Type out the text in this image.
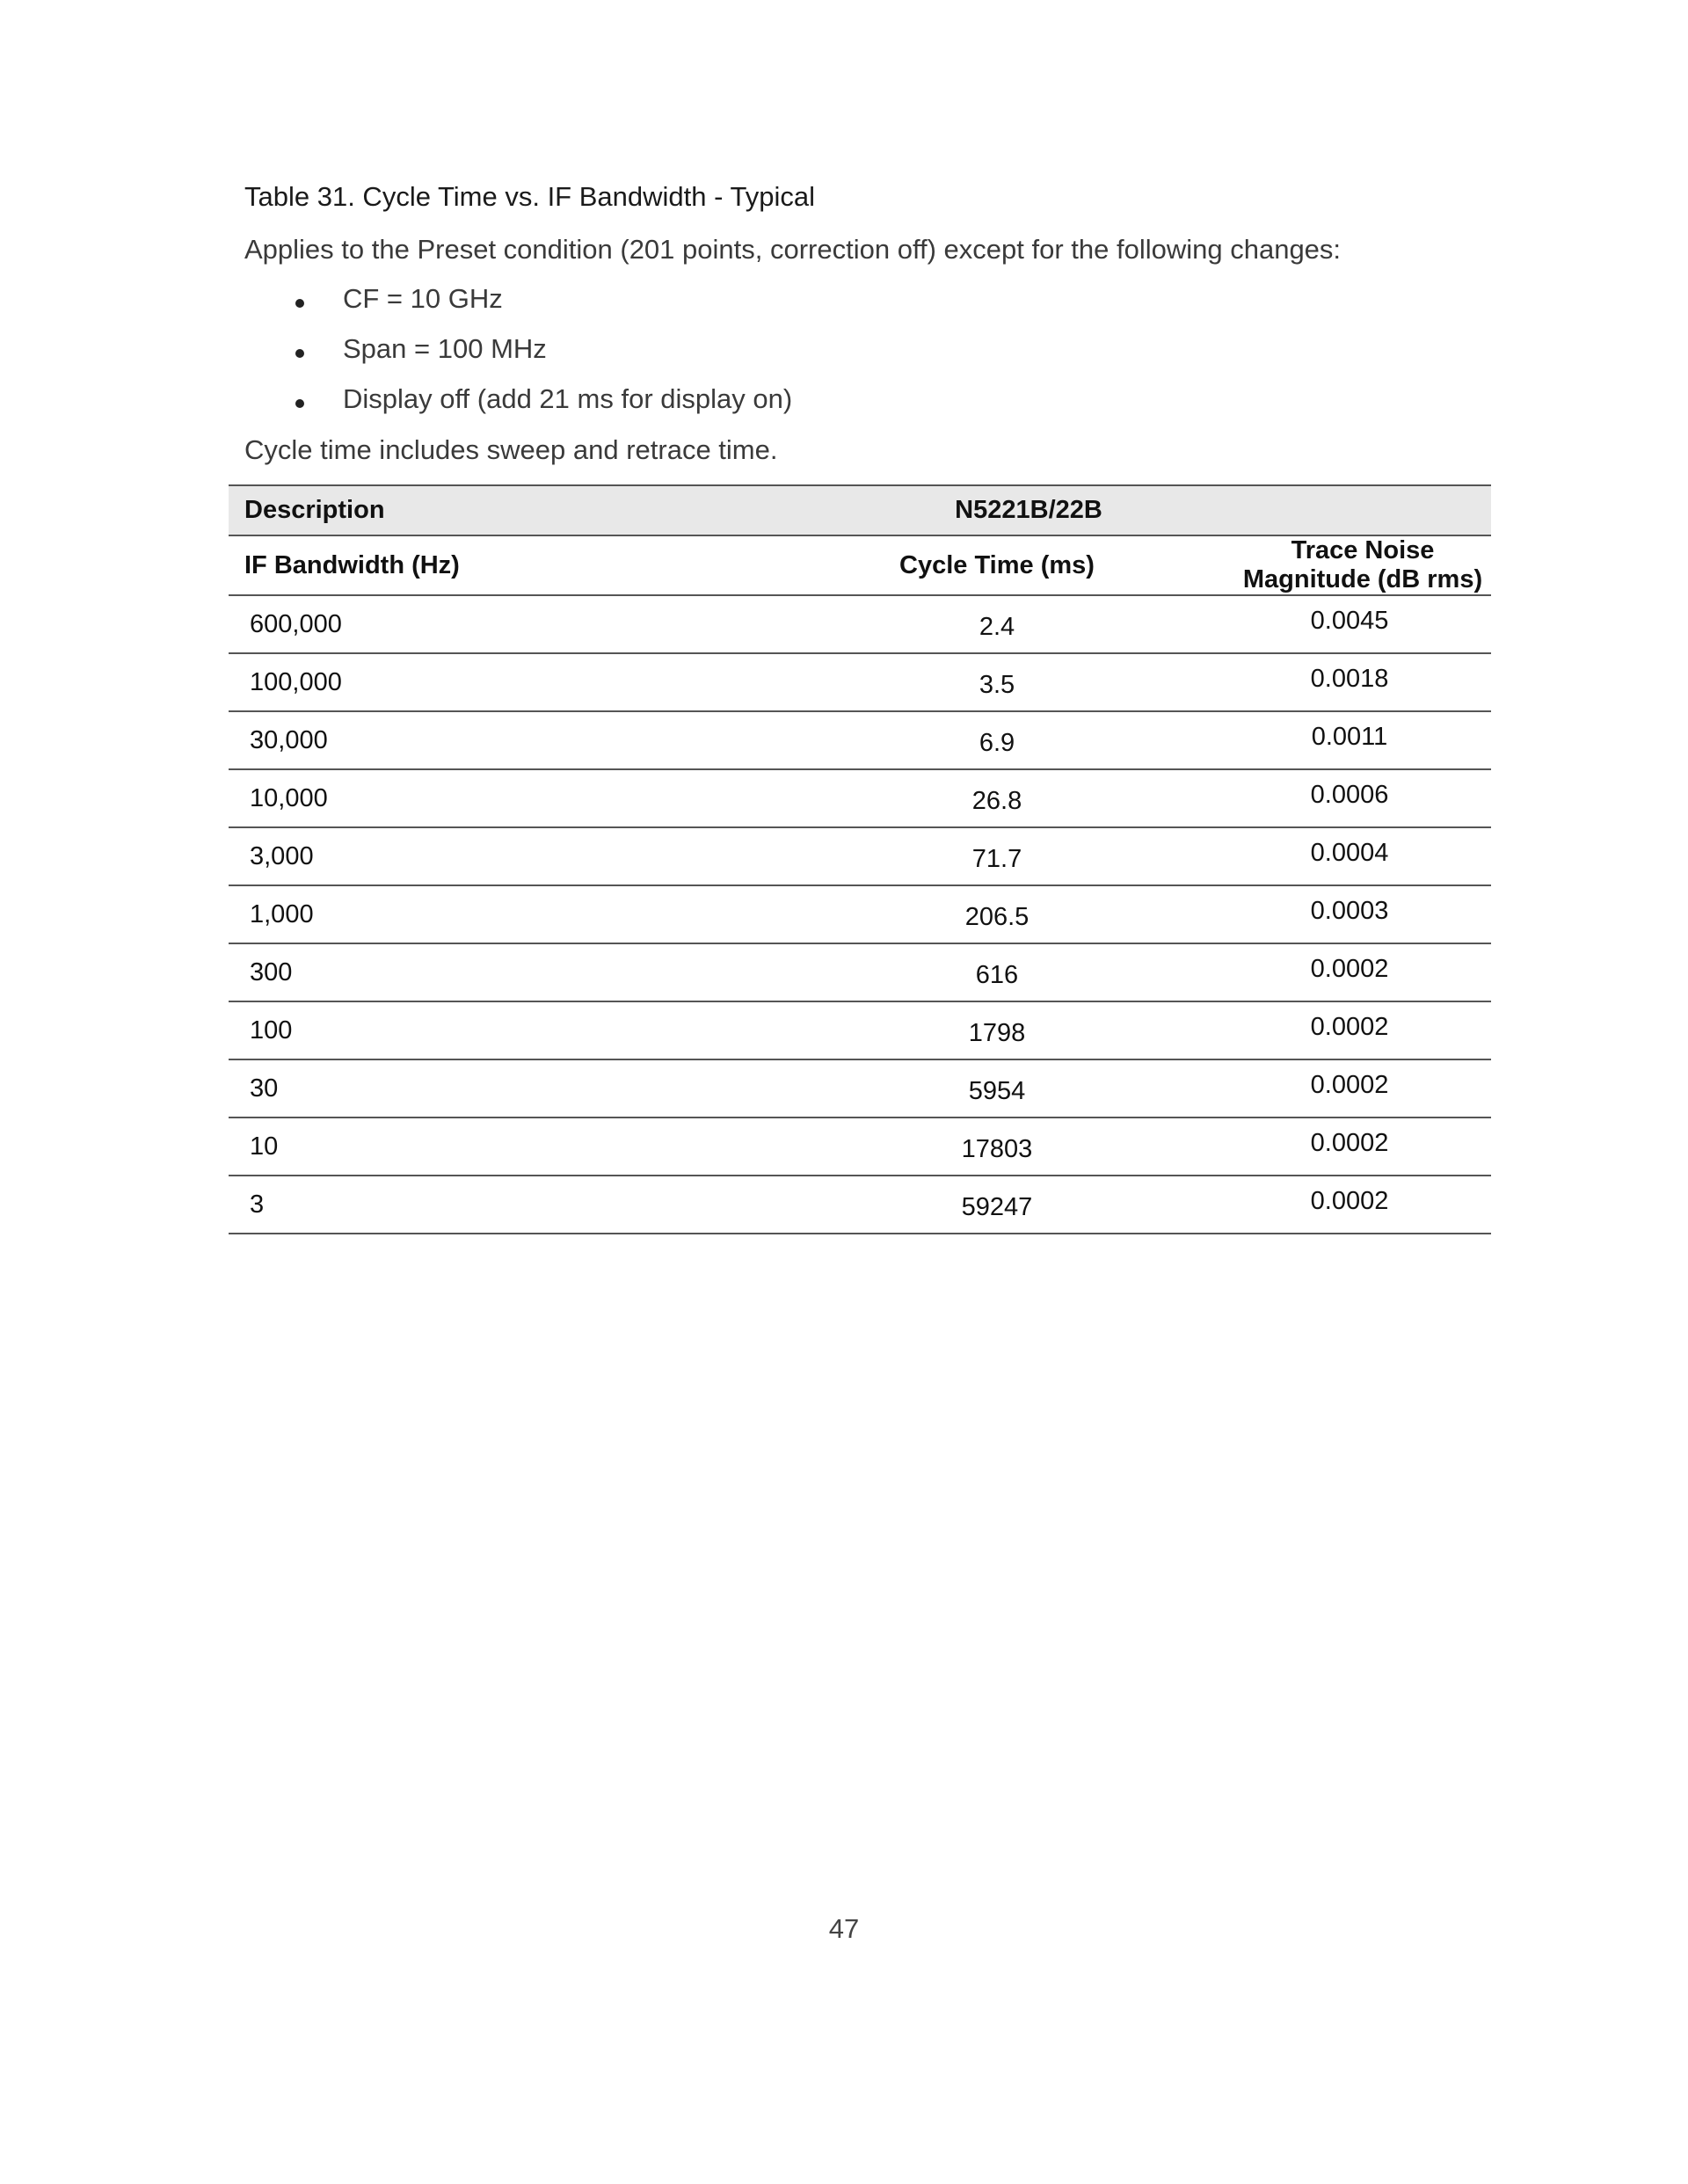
Table 31. Cycle Time vs. IF Bandwidth - Typical
Applies to the Preset condition (201 points, correction off) except for the following changes:
CF = 10 GHz
Span = 100 MHz
Display off (add 21 ms for display on)
Cycle time includes sweep and retrace time.
Description	N5221B/22B	
IF Bandwidth (Hz)	Cycle Time (ms)	Trace Noise Magnitude (dB rms)
600,000	2.4	0.0045
100,000	3.5	0.0018
30,000	6.9	0.0011
10,000	26.8	0.0006
3,000	71.7	0.0004
1,000	206.5	0.0003
300	616	0.0002
100	1798	0.0002
30	5954	0.0002
10	17803	0.0002
3	59247	0.0002
47
